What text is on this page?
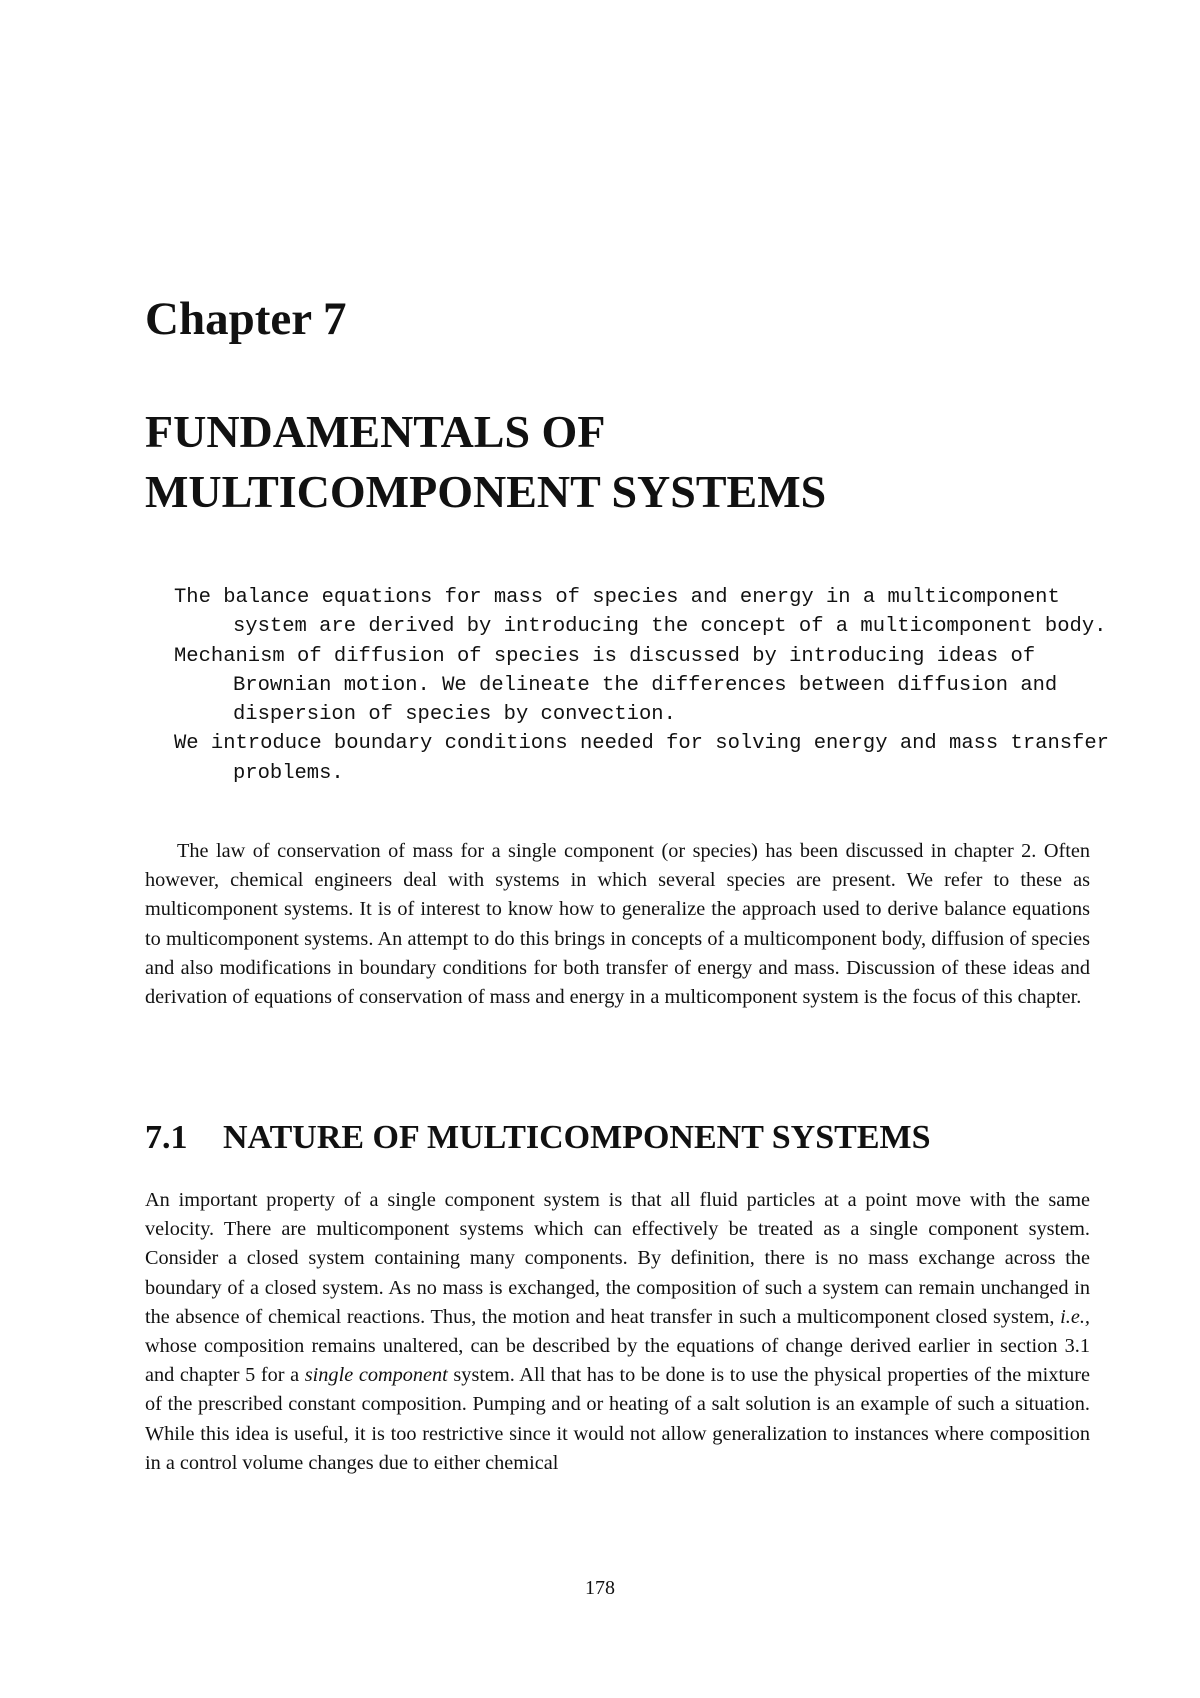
Chapter 7
FUNDAMENTALS OF
MULTICOMPONENT SYSTEMS

The balance equations for mass of species and energy in a multicomponent system are derived by introducing the concept of a multicomponent body.

Mechanism of diffusion of species is discussed by introducing ideas of Brownian motion. We delineate the differences between diffusion and dispersion of species by convection.

We introduce boundary conditions needed for solving energy and mass transfer problems.

The law of conservation of mass for a single component (or species) has been discussed in chapter 2. Often however, chemical engineers deal with systems in which several species are present. We refer to these as multicomponent systems. It is of interest to know how to generalize the approach used to derive balance equations to multicomponent systems. An attempt to do this brings in concepts of a multicomponent body, diffusion of species and also modifications in boundary conditions for both transfer of energy and mass. Discussion of these ideas and derivation of equations of conservation of mass and energy in a multicomponent system is the focus of this chapter.

7.1 NATURE OF MULTICOMPONENT SYSTEMS

An important property of a single component system is that all fluid particles at a point move with the same velocity. There are multicomponent systems which can effectively be treated as a single component system. Consider a closed system containing many components. By definition, there is no mass exchange across the boundary of a closed system. As no mass is exchanged, the composition of such a system can remain unchanged in the absence of chemical reactions. Thus, the motion and heat transfer in such a multicomponent closed system, i.e., whose composition remains unaltered, can be described by the equations of change derived earlier in section 3.1 and chapter 5 for a single component system. All that has to be done is to use the physical properties of the mixture of the prescribed constant composition. Pumping and or heating of a salt solution is an example of such a situation. While this idea is useful, it is too restrictive since it would not allow generalization to instances where composition in a control volume changes due to either chemical

178
